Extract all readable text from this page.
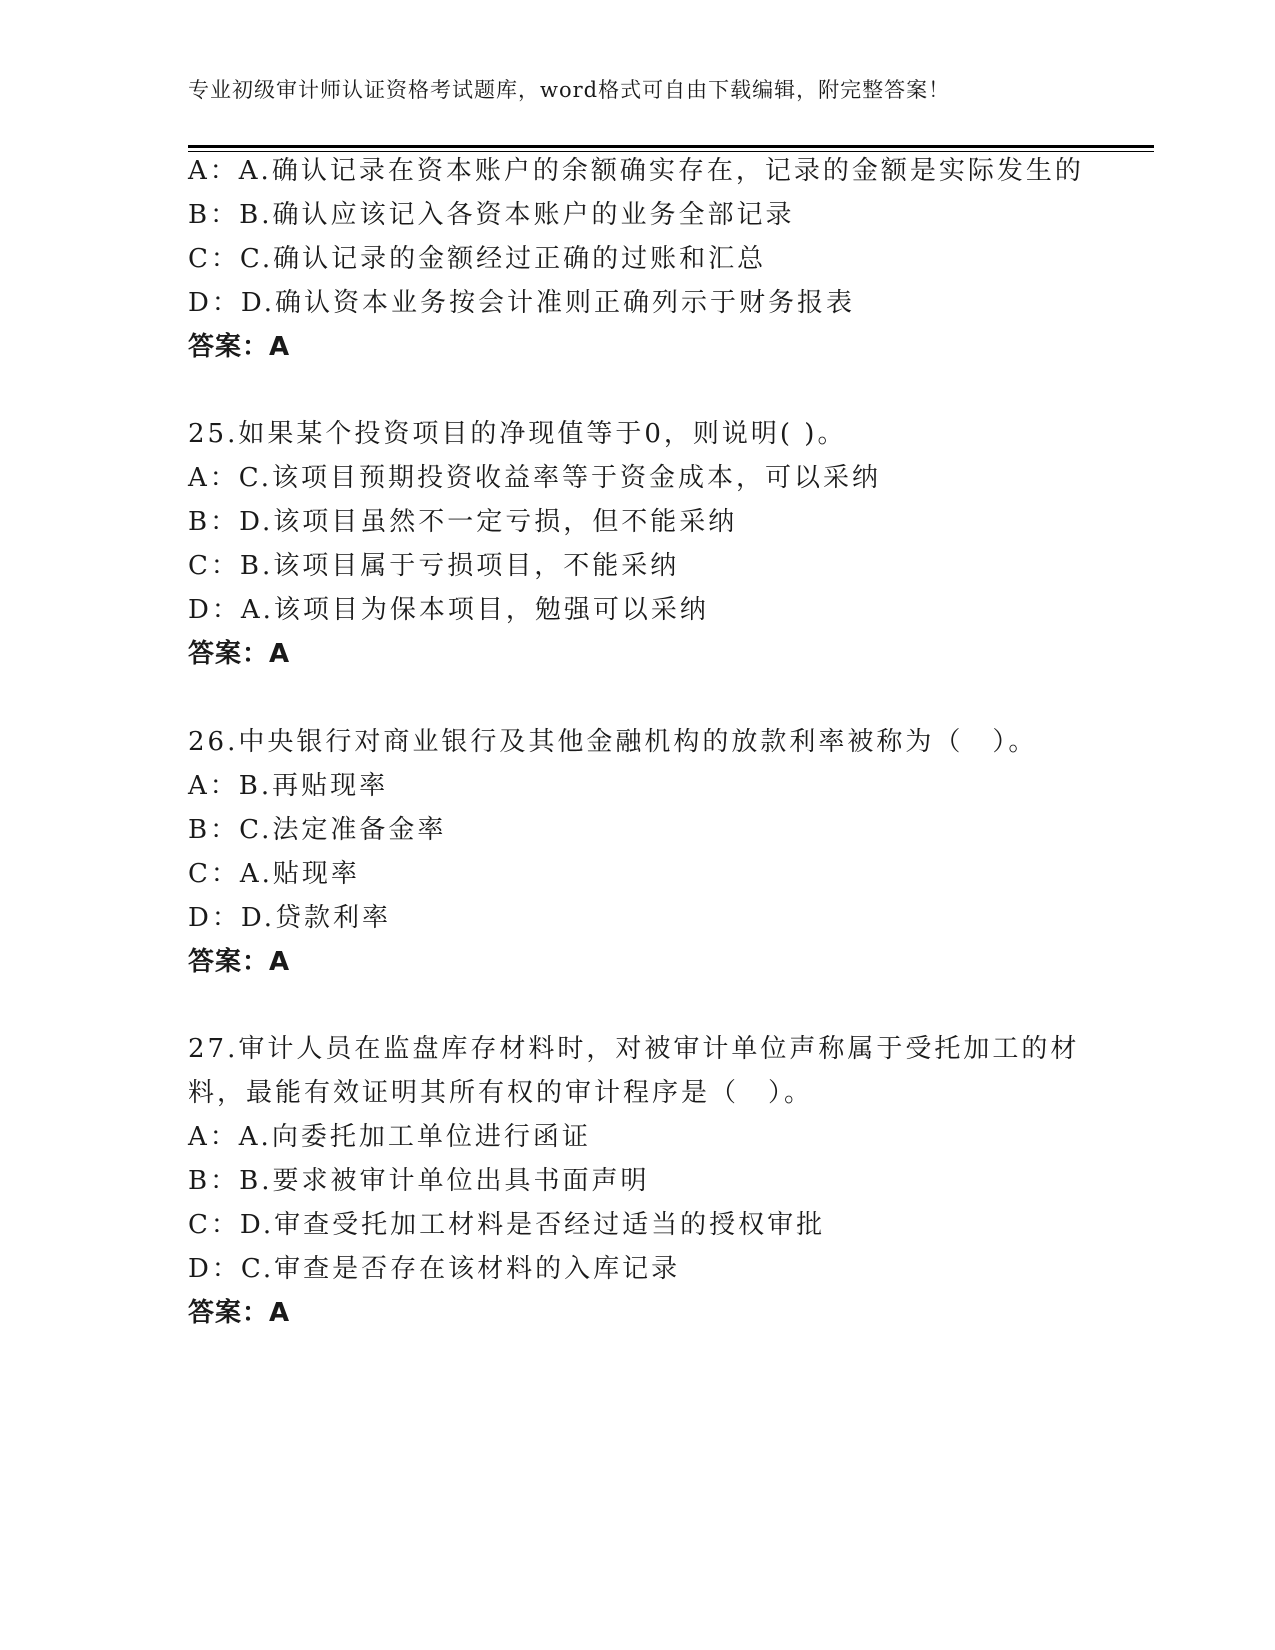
专业初级审计师认证资格考试题库，word格式可自由下载编辑，附完整答案！
A：A.确认记录在资本账户的余额确实存在，记录的金额是实际发生的
B：B.确认应该记入各资本账户的业务全部记录
C：C.确认记录的金额经过正确的过账和汇总
D：D.确认资本业务按会计准则正确列示于财务报表
答案：A
25.如果某个投资项目的净现值等于0，则说明( )。
A：C.该项目预期投资收益率等于资金成本，可以采纳
B：D.该项目虽然不一定亏损，但不能采纳
C：B.该项目属于亏损项目，不能采纳
D：A.该项目为保本项目，勉强可以采纳
答案：A
26.中央银行对商业银行及其他金融机构的放款利率被称为（　）。
A：B.再贴现率
B：C.法定准备金率
C：A.贴现率
D：D.贷款利率
答案：A
27.审计人员在监盘库存材料时，对被审计单位声称属于受托加工的材
料，最能有效证明其所有权的审计程序是（　）。
A：A.向委托加工单位进行函证
B：B.要求被审计单位出具书面声明
C：D.审查受托加工材料是否经过适当的授权审批
D：C.审查是否存在该材料的入库记录
答案：A
